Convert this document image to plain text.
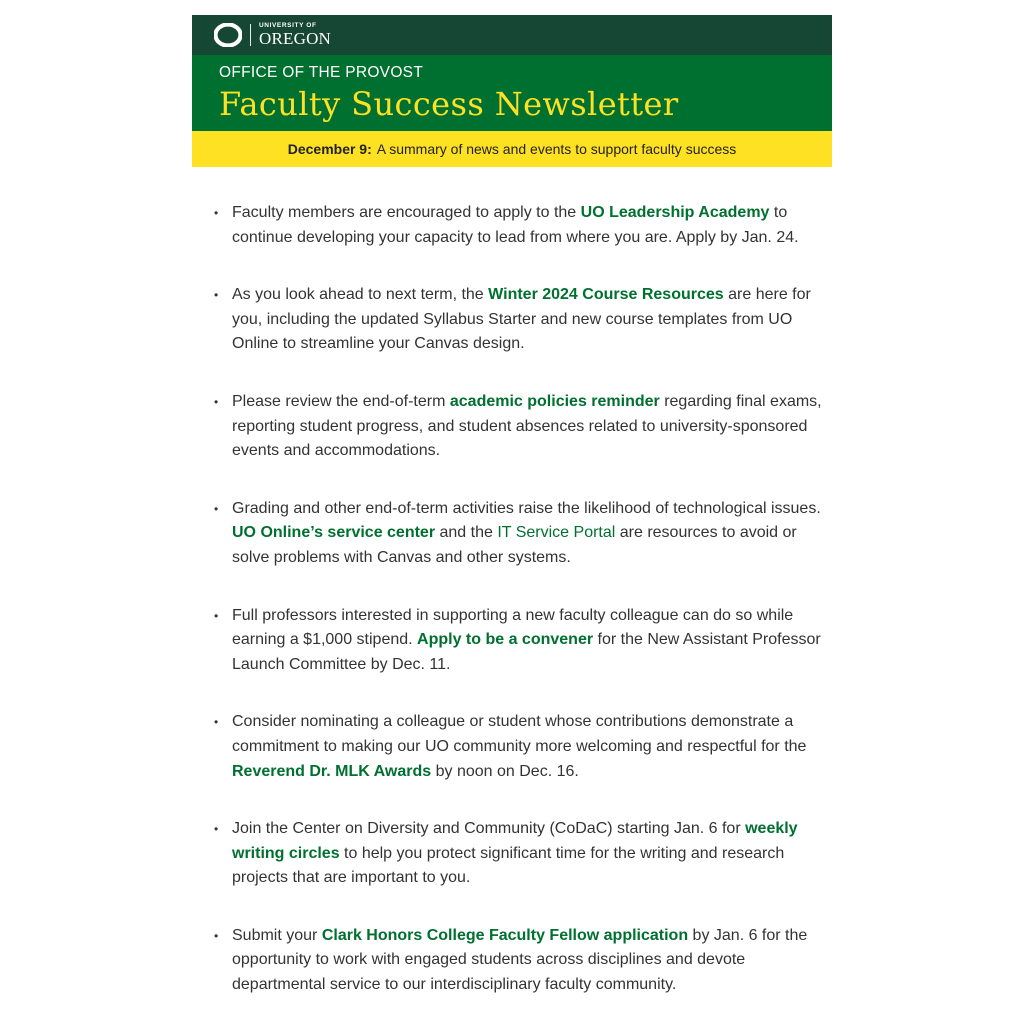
UNIVERSITY OF
OREGON
OFFICE OF THE PROVOST
Faculty Success Newsletter
December 9: A summary of news and events to support faculty success
• Faculty members are encouraged to apply to the UO Leadership Academy to continue developing your capacity to lead from where you are. Apply by Jan. 24.
• As you look ahead to next term, the Winter 2024 Course Resources are here for you, including the updated Syllabus Starter and new course templates from UO Online to streamline your Canvas design.
• Please review the end-of-term academic policies reminder regarding final exams, reporting student progress, and student absences related to university-sponsored events and accommodations.
• Grading and other end-of-term activities raise the likelihood of technological issues. UO Online’s service center and the IT Service Portal are resources to avoid or solve problems with Canvas and other systems.
• Full professors interested in supporting a new faculty colleague can do so while earning a $1,000 stipend. Apply to be a convener for the New Assistant Professor Launch Committee by Dec. 11.
• Consider nominating a colleague or student whose contributions demonstrate a commitment to making our UO community more welcoming and respectful for the Reverend Dr. MLK Awards by noon on Dec. 16.
• Join the Center on Diversity and Community (CoDaC) starting Jan. 6 for weekly writing circles to help you protect significant time for the writing and research projects that are important to you.
• Submit your Clark Honors College Faculty Fellow application by Jan. 6 for the opportunity to work with engaged students across disciplines and devote departmental service to our interdisciplinary faculty community.
